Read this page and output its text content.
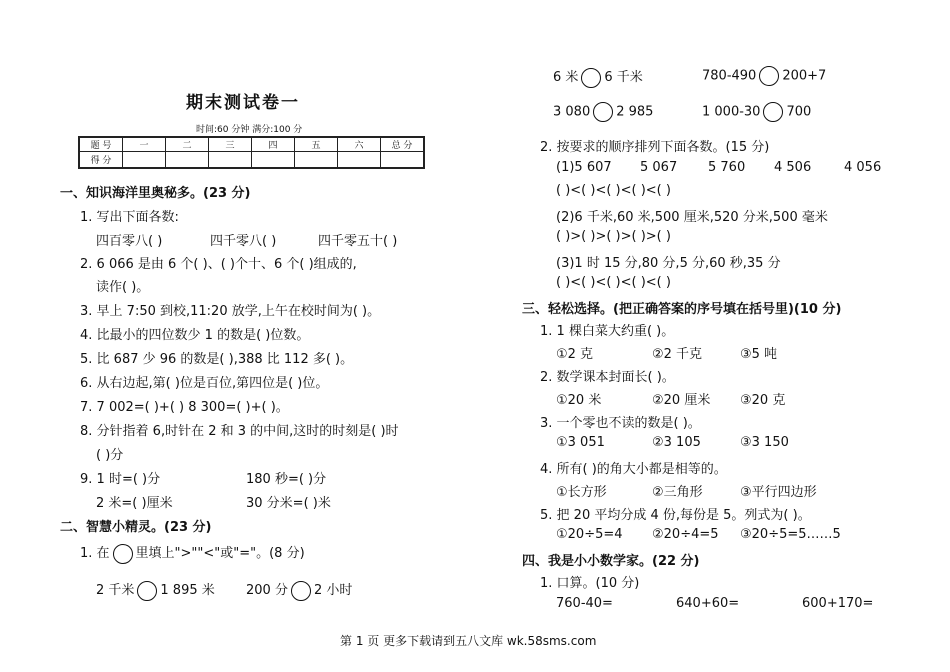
期末测试卷一
时间:60 分钟 满分:100 分
题 号	一	二	三	四	五	六	总 分
得 分							
一、知识海洋里奥秘多。(23 分)
1. 写出下面各数:
四百零八( )	四千零八( )	四千零五十( )
2. 6 066 是由 6 个( )、( )个十、6 个( )组成的,
读作( )。
3. 早上 7:50 到校,11:20 放学,上午在校时间为( )。
4. 比最小的四位数少 1 的数是( )位数。
5. 比 687 少 96 的数是( ),388 比 112 多( )。
6. 从右边起,第( )位是百位,第四位是( )位。
7. 7 002=( )+( ) 8 300=( )+( )。
8. 分针指着 6,时针在 2 和 3 的中间,这时的时刻是( )时
( )分
9. 1 时=( )分	180 秒=( )分
2 米=( )厘米	30 分米=( )米
二、智慧小精灵。(23 分)
1. 在 里填上">""<"或"="。(8 分)
2 千米 1 895 米 200 分 2 小时
6 米 6 千米	780-490 200+7
3 080 2 985	1 000-30 700
2. 按要求的顺序排列下面各数。(15 分)
(1)5 607 5 067 5 760 4 506	4 056
( )<( )<( )<( )<( )
(2)6 千米,60 米,500 厘米,520 分米,500 毫米
( )>( )>( )>( )>( )
(3)1 时 15 分,80 分,5 分,60 秒,35 分
( )<( )<( )<( )<( )
三、轻松选择。(把正确答案的序号填在括号里)(10 分)
1. 1 棵白菜大约重( )。
①2 克	②2 千克	③5 吨
2. 数学课本封面长( )。
①20 米	②20 厘米 ③20 克
3. 一个零也不读的数是( )。
①3 051	②3 105	③3 150
4. 所有( )的角大小都是相等的。
①长方形	②三角形	③平行四边形
5. 把 20 平均分成 4 份,每份是 5。列式为( )。
①20÷5=4 ②20÷4=5 ③20÷5=5……5
四、我是小小数学家。(22 分)
1. 口算。(10 分)
760-40=	640+60=	600+170=
第 1 页 更多下载请到五八文库 wk.58sms.com
